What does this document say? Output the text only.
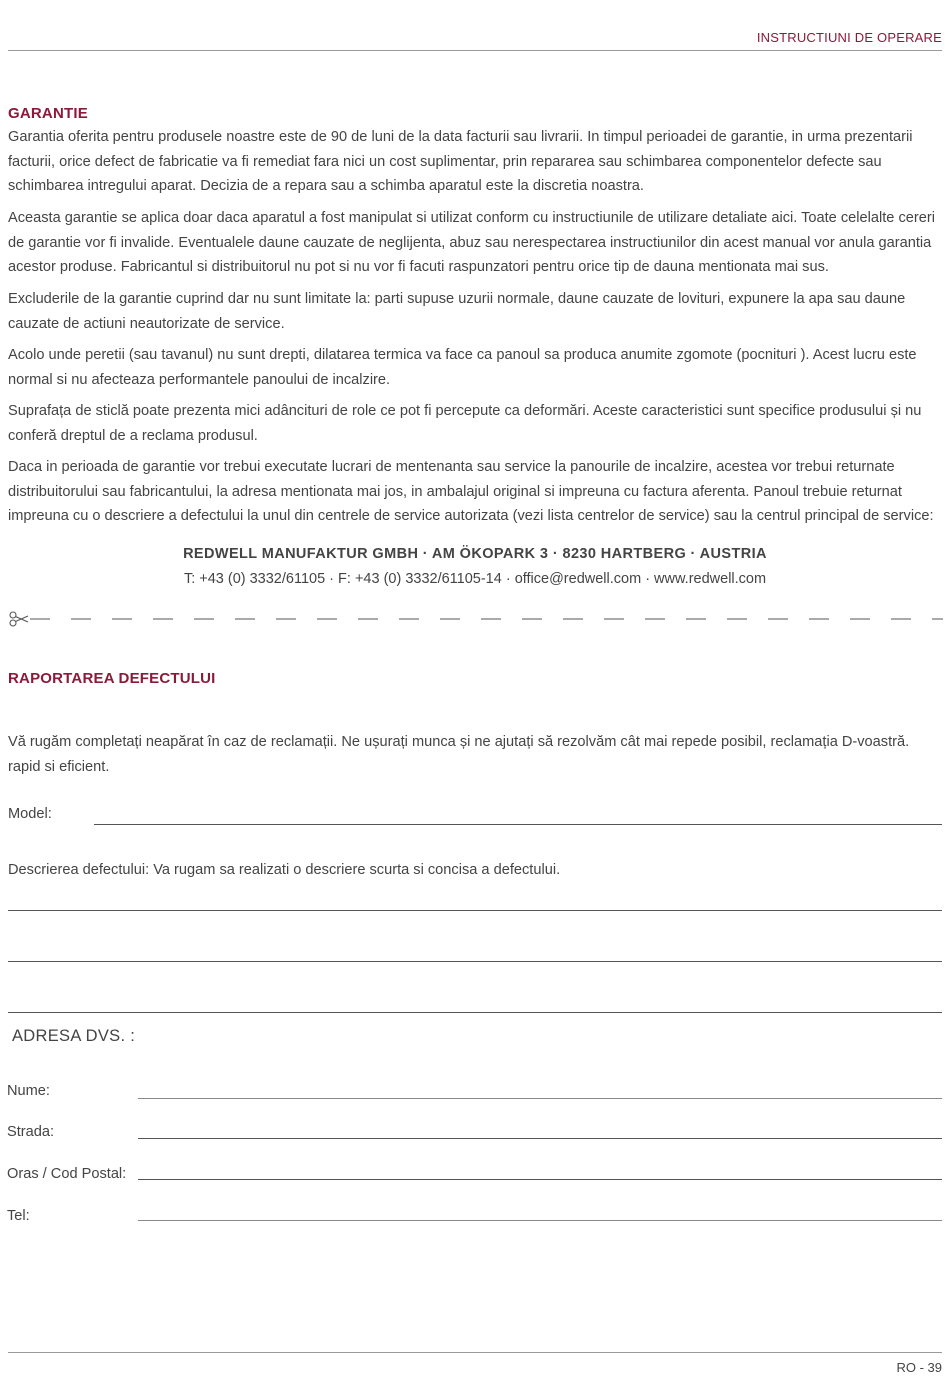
INSTRUCTIUNI DE OPERARE
GARANTIE

Garantia oferita pentru produsele noastre este de 90 de luni de la data facturii sau livrarii. In timpul perioadei de garantie, in urma prezentarii facturii, orice defect de fabricatie va fi remediat fara nici un cost suplimentar, prin repararea sau schimbarea componentelor defecte sau schimbarea intregului aparat. Decizia de a repara sau a schimba aparatul este la discretia noastra.

Aceasta garantie se aplica doar daca aparatul a fost manipulat si utilizat conform cu instructiunile de utilizare detaliate aici. Toate celelalte cereri de garantie vor fi invalide. Eventualele daune cauzate de neglijenta, abuz sau nerespectarea instructiunilor din acest manual vor anula garantia acestor produse. Fabricantul si distribuitorul nu pot si nu vor fi facuti raspunzatori pentru orice tip de dauna mentionata mai sus.

Excluderile de la garantie cuprind dar nu sunt limitate la: parti supuse uzurii normale, daune cauzate de lovituri, expunere la apa sau daune cauzate de actiuni neautorizate de service.

Acolo unde peretii (sau tavanul) nu sunt drepti, dilatarea termica va face ca panoul sa produca anumite zgomote (pocnituri ). Acest lucru este normal si nu afecteaza performantele panoului de incalzire.

Suprafața de sticlă poate prezenta mici adâncituri de role ce pot fi percepute ca deformări. Aceste caracteristici sunt specifice produsului și nu conferă dreptul de a reclama produsul.

Daca in perioada de garantie vor trebui executate lucrari de mentenanta sau service la panourile de incalzire, acestea vor trebui returnate distribuitorului sau fabricantului, la adresa mentionata mai jos, in ambalajul original si impreuna cu factura aferenta. Panoul trebuie returnat impreuna cu o descriere a defectului la unul din centrele de service autorizata (vezi lista centrelor de service) sau la centrul principal de service:

REDWELL MANUFAKTUR GMBH · AM ÖKOPARK 3 · 8230 HARTBERG · AUSTRIA
T: +43 (0) 3332/61105 · F: +43 (0) 3332/61105-14 · office@redwell.com · www.redwell.com
RAPORTAREA DEFECTULUI

Vă rugăm completați neapărat în caz de reclamații. Ne ușurați munca și ne ajutați să rezolvăm cât mai repede posibil, reclamația D-voastră. rapid si eficient.

Model:
Descrierea defectului: Va rugam sa realizati o descriere scurta si concisa a defectului.
ADRESA DVS. :
Nume:
Strada:
Oras / Cod Postal:
Tel:
RO - 39
